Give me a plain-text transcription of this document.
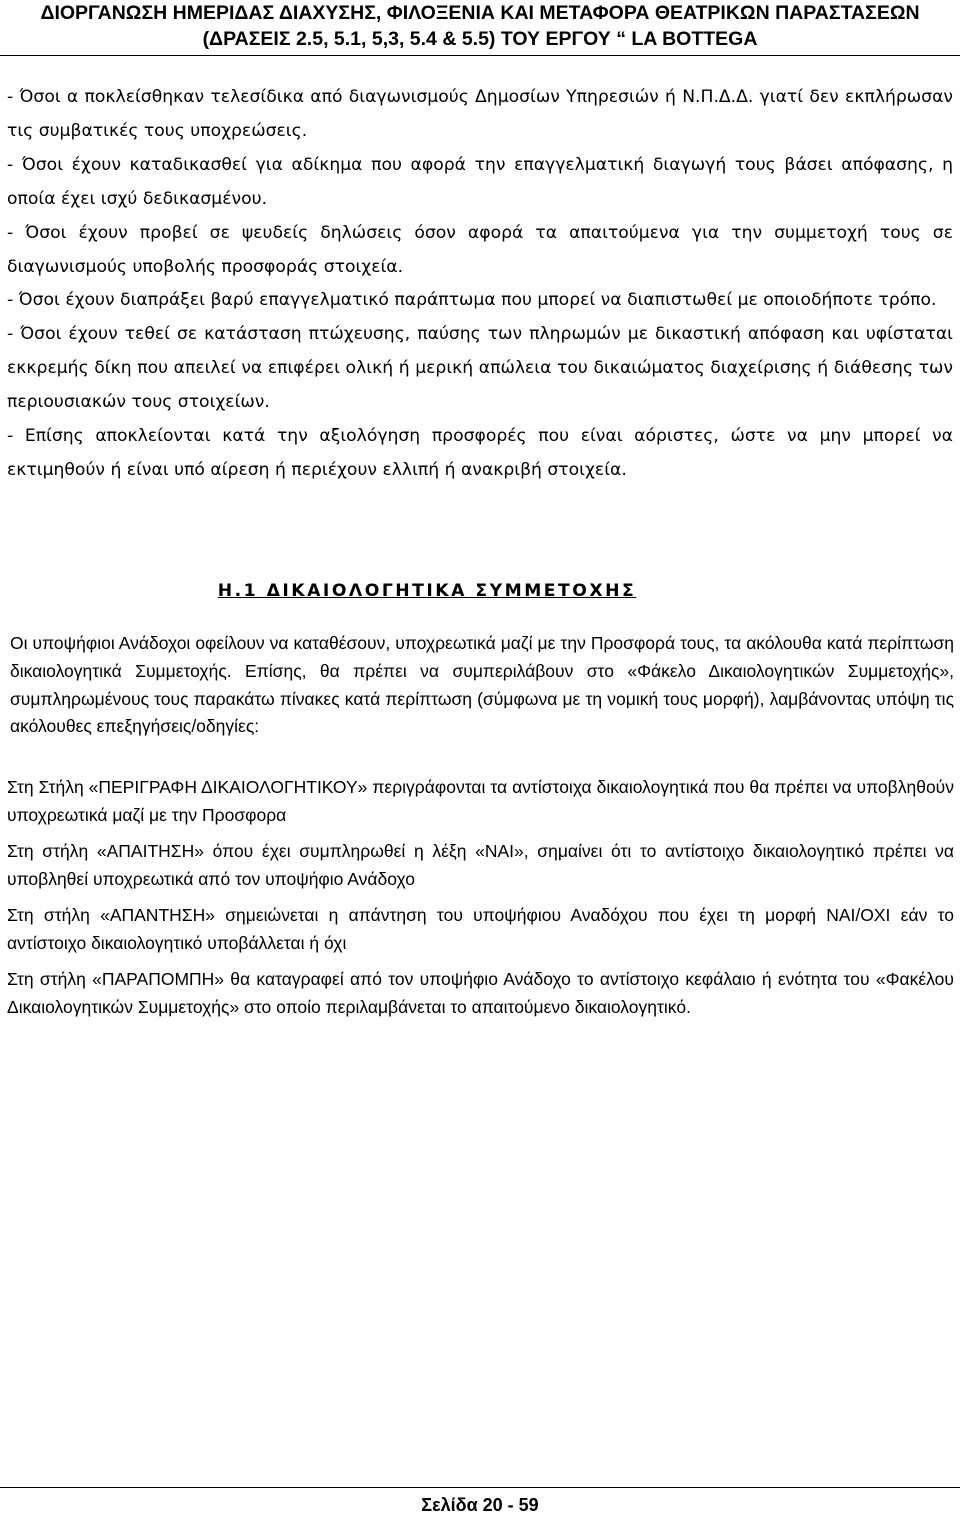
ΔΙΟΡΓΑΝΩΣΗ ΗΜΕΡΙΔΑΣ ΔΙΑΧΥΣΗΣ, ΦΙΛΟΞΕΝΙΑ ΚΑΙ ΜΕΤΑΦΟΡΑ ΘΕΑΤΡΙΚΩΝ ΠΑΡΑΣΤΑΣΕΩΝ
(ΔΡΑΣΕΙΣ 2.5, 5.1, 5,3, 5.4 & 5.5) ΤΟΥ ΕΡΓΟΥ “ LA BOTTEGA

- Όσοι α ποκλείσθηκαν τελεσίδικα από διαγωνισμούς Δημοσίων Υπηρεσιών ή Ν.Π.Δ.Δ. γιατί δεν εκπλήρωσαν τις συμβατικές τους υποχρεώσεις.

- Όσοι έχουν καταδικασθεί για αδίκημα που αφορά την επαγγελματική διαγωγή τους βάσει απόφασης, η οποία έχει ισχύ δεδικασμένου.

- Όσοι έχουν προβεί σε ψευδείς δηλώσεις όσον αφορά τα απαιτούμενα για την συμμετοχή τους σε διαγωνισμούς υποβολής προσφοράς στοιχεία.

- Όσοι έχουν διαπράξει βαρύ επαγγελματικό παράπτωμα που μπορεί να διαπιστωθεί με οποιοδήποτε τρόπο.

- Όσοι έχουν τεθεί σε κατάσταση πτώχευσης, παύσης των πληρωμών με δικαστική απόφαση και υφίσταται εκκρεμής δίκη που απειλεί να επιφέρει ολική ή μερική απώλεια του δικαιώματος διαχείρισης ή διάθεσης των περιουσιακών τους στοιχείων.

- Επίσης αποκλείονται κατά την αξιολόγηση προσφορές που είναι αόριστες, ώστε να μην μπορεί να εκτιμηθούν ή είναι υπό αίρεση ή περιέχουν ελλιπή ή ανακριβή στοιχεία.

Η.1 ΔΙΚΑΙΟΛΟΓΗΤΙΚΑ ΣΥΜΜΕΤΟΧΗΣ

Οι υποψήφιοι Ανάδοχοι οφείλουν να καταθέσουν, υποχρεωτικά μαζί με την Προσφορά τους, τα ακόλουθα κατά περίπτωση δικαιολογητικά Συμμετοχής. Επίσης, θα πρέπει να συμπεριλάβουν στο «Φάκελο Δικαιολογητικών Συμμετοχής», συμπληρωμένους τους παρακάτω πίνακες κατά περίπτωση (σύμφωνα με τη νομική τους μορφή), λαμβάνοντας υπόψη τις ακόλουθες επεξηγήσεις/οδηγίες:

Στη Στήλη «ΠΕΡΙΓΡΑΦΗ ΔΙΚΑΙΟΛΟΓΗΤΙΚΟΥ» περιγράφονται τα αντίστοιχα δικαιολογητικά που θα πρέπει να υποβληθούν υποχρεωτικά μαζί με την Προσφορα

Στη στήλη «ΑΠΑΙΤΗΣΗ» όπου έχει συμπληρωθεί η λέξη «ΝΑΙ», σημαίνει ότι το αντίστοιχο δικαιολογητικό πρέπει να υποβληθεί υποχρεωτικά από τον υποψήφιο Ανάδοχο

Στη στήλη «ΑΠΑΝΤΗΣΗ» σημειώνεται η απάντηση του υποψήφιου Αναδόχου που έχει τη μορφή ΝΑΙ/ΟΧΙ εάν το αντίστοιχο δικαιολογητικό υποβάλλεται ή όχι

Στη στήλη «ΠΑΡΑΠΟΜΠΗ» θα καταγραφεί από τον υποψήφιο Ανάδοχο το αντίστοιχο κεφάλαιο ή ενότητα του «Φακέλου Δικαιολογητικών Συμμετοχής» στο οποίο περιλαμβάνεται το απαιτούμενο δικαιολογητικό.

Σελίδα 20 - 59
